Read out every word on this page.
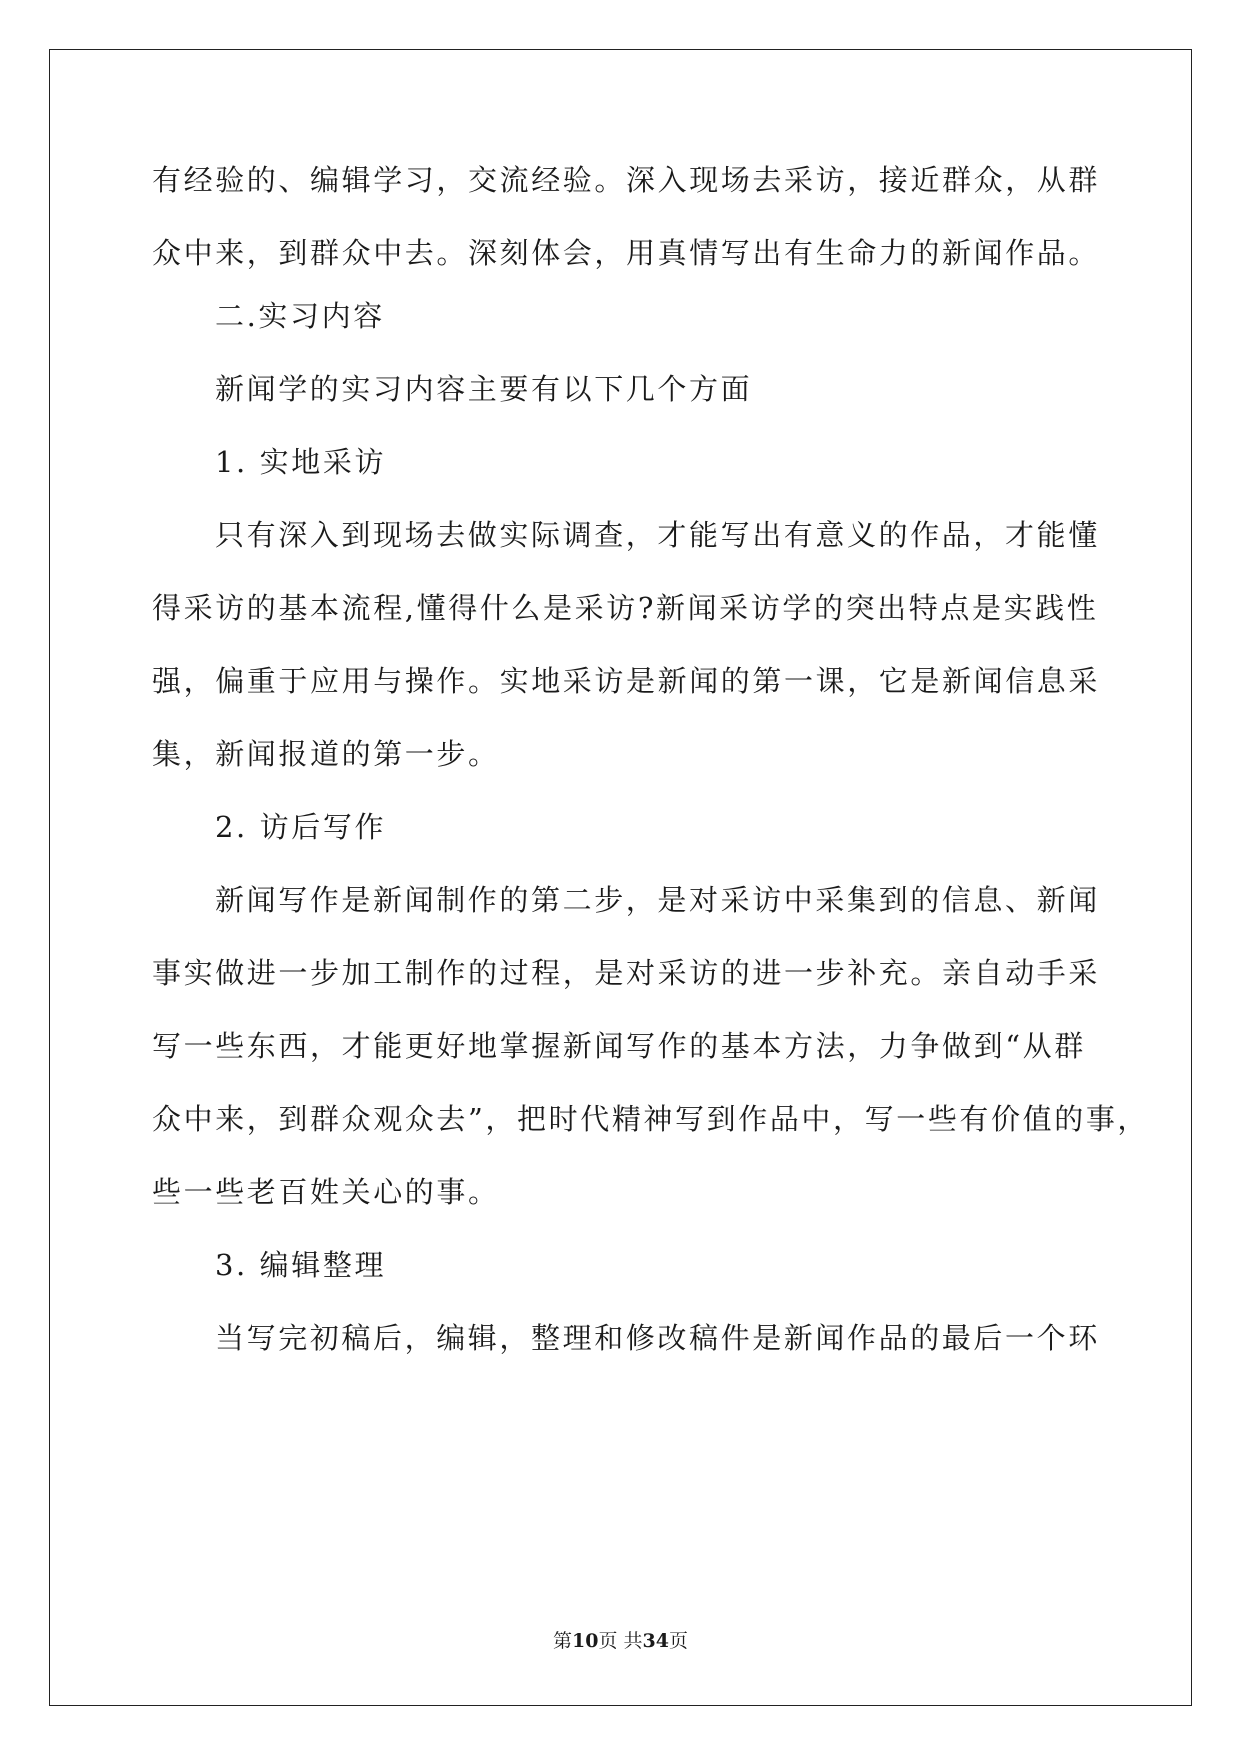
有经验的、编辑学习，交流经验。深入现场去采访，接近群众，从群
众中来，到群众中去。深刻体会，用真情写出有生命力的新闻作品。
二.实习内容
新闻学的实习内容主要有以下几个方面
1. 实地采访
只有深入到现场去做实际调查，才能写出有意义的作品，才能懂
得采访的基本流程,懂得什么是采访?新闻采访学的突出特点是实践性
强，偏重于应用与操作。实地采访是新闻的第一课，它是新闻信息采
集，新闻报道的第一步。
2. 访后写作
新闻写作是新闻制作的第二步，是对采访中采集到的信息、新闻
事实做进一步加工制作的过程，是对采访的进一步补充。亲自动手采
写一些东西，才能更好地掌握新闻写作的基本方法，力争做到“从群
众中来，到群众观众去”，把时代精神写到作品中，写一些有价值的事，
些一些老百姓关心的事。
3. 编辑整理
当写完初稿后，编辑，整理和修改稿件是新闻作品的最后一个环
第10页 共34页
